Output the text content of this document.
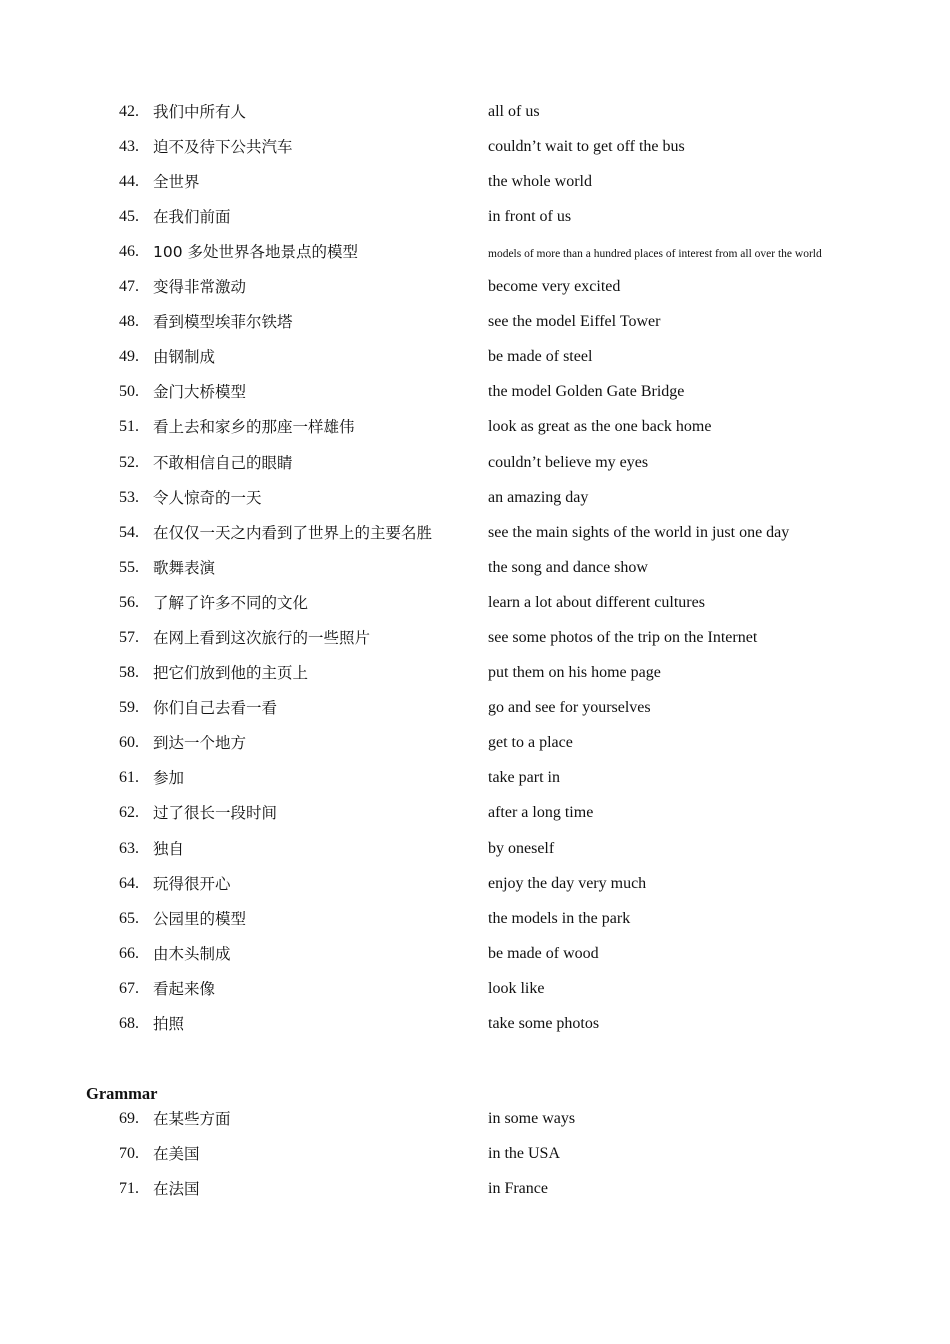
42. 我们中所有人	all of us
43. 迫不及待下公共汽车	couldn’t wait to get off the bus
44. 全世界	the whole world
45. 在我们前面	in front of us
46. 100 多处世界各地景点的模型	models of more than a hundred places of interest from all over the world
47. 变得非常激动	become very excited
48. 看到模型埃菲尔铁塔	see the model Eiffel Tower
49. 由钢制成	be made of steel
50. 金门大桥模型	the model Golden Gate Bridge
51. 看上去和家乡的那座一样雄伟	look as great as the one back home
52. 不敢相信自己的眼睛	couldn’t believe my eyes
53. 令人惊奇的一天	an amazing day
54. 在仅仅一天之内看到了世界上的主要名胜	see the main sights of the world in just one day
55. 歌舞表演	the song and dance show
56. 了解了许多不同的文化	learn a lot about different cultures
57. 在网上看到这次旅行的一些照片	see some photos of the trip on the Internet
58. 把它们放到他的主页上	put them on his home page
59. 你们自己去看一看	go and see for yourselves
60. 到达一个地方	get to a place
61. 参加	take part in
62. 过了很长一段时间	after a long time
63. 独自	by oneself
64. 玩得很开心	enjoy the day very much
65. 公园里的模型	the models in the park
66. 由木头制成	be made of wood
67. 看起来像	look like
68. 拍照	take some photos
Grammar
69. 在某些方面	in some ways
70. 在美国	in the USA
71. 在法国	in France
